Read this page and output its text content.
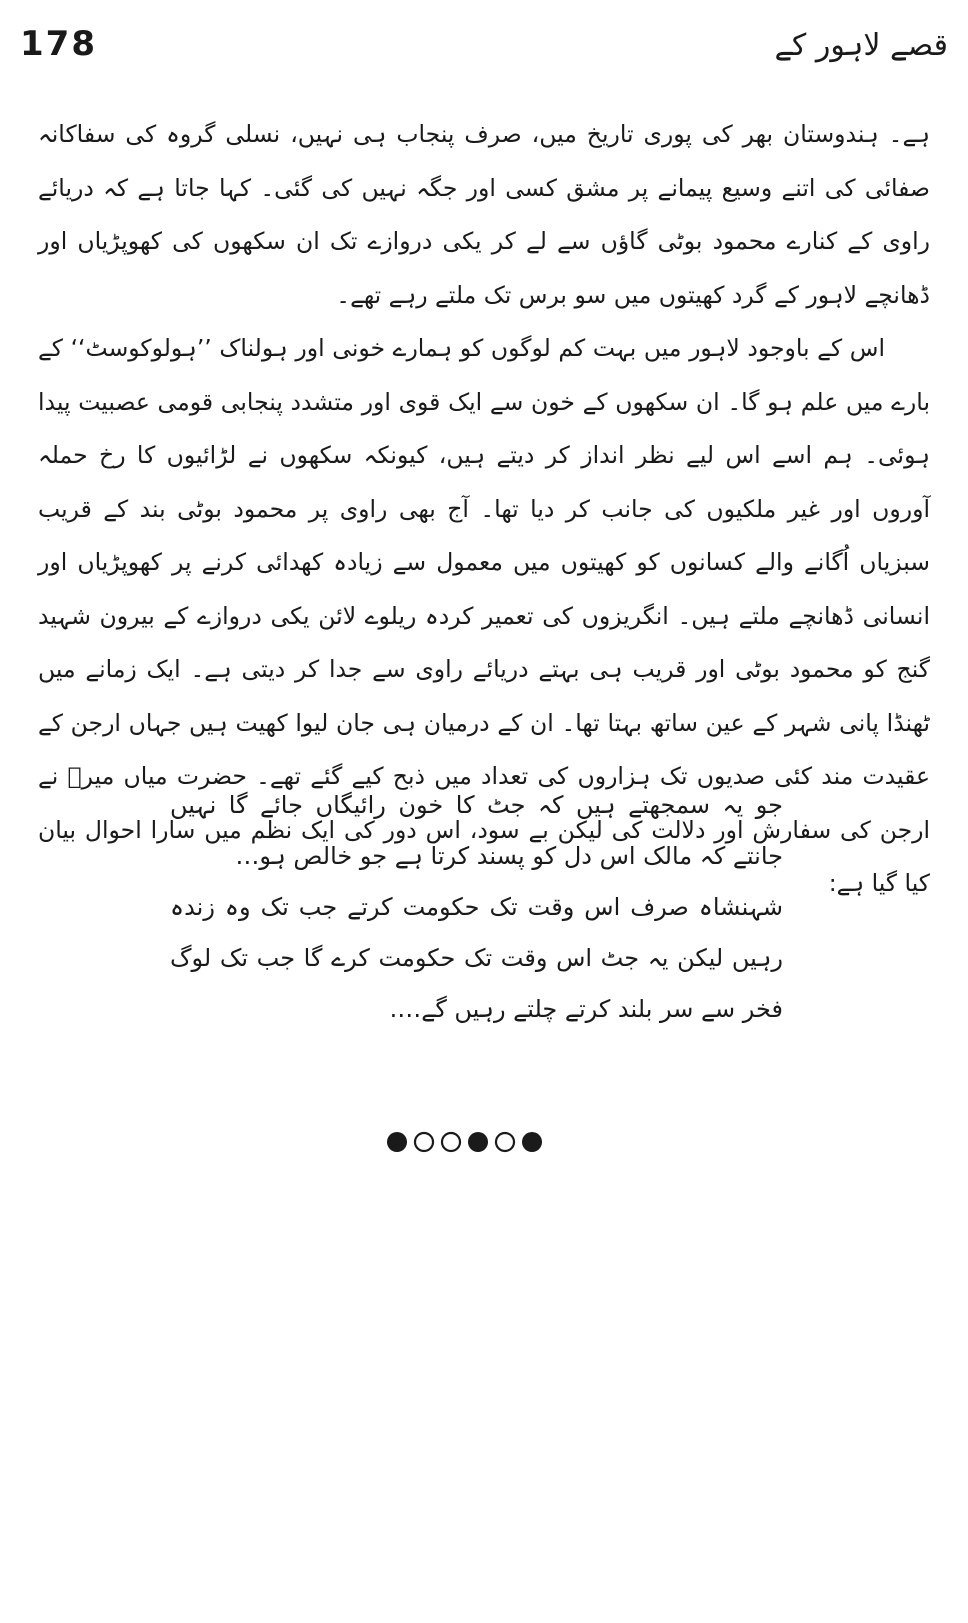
178	قصے لاہور کے

ہے۔ ہندوستان بھر کی پوری تاریخ میں، صرف پنجاب ہی نہیں، نسلی گروہ کی سفاکانہ صفائی کی اتنے وسیع پیمانے پر مشق کسی اور جگہ نہیں کی گئی۔ کہا جاتا ہے کہ دریائے راوی کے کنارے محمود بوٹی گاؤں سے لے کر یکی دروازے تک ان سکھوں کی کھوپڑیاں اور ڈھانچے لاہور کے گرد کھیتوں میں سو برس تک ملتے رہے تھے۔

اس کے باوجود لاہور میں بہت کم لوگوں کو ہمارے خونی اور ہولناک ’’ہولوکوسٹ‘‘ کے بارے میں علم ہو گا۔ ان سکھوں کے خون سے ایک قوی اور متشدد پنجابی قومی عصبیت پیدا ہوئی۔ ہم اسے اس لیے نظر انداز کر دیتے ہیں، کیونکہ سکھوں نے لڑائیوں کا رخ حملہ آوروں اور غیر ملکیوں کی جانب کر دیا تھا۔ آج بھی راوی پر محمود بوٹی بند کے قریب سبزیاں اُگانے والے کسانوں کو کھیتوں میں معمول سے زیادہ کھدائی کرنے پر کھوپڑیاں اور انسانی ڈھانچے ملتے ہیں۔ انگریزوں کی تعمیر کردہ ریلوے لائن یکی دروازے کے بیرون شہید گنج کو محمود بوٹی اور قریب ہی بہتے دریائے راوی سے جدا کر دیتی ہے۔ ایک زمانے میں ٹھنڈا پانی شہر کے عین ساتھ بہتا تھا۔ ان کے درمیان ہی جان لیوا کھیت ہیں جہاں ارجن کے عقیدت مند کئی صدیوں تک ہزاروں کی تعداد میں ذبح کیے گئے تھے۔ حضرت میاں میرؒ نے ارجن کی سفارش اور دلالت کی لیکن بے سود، اس دور کی ایک نظم میں سارا احوال بیان کیا گیا ہے:

جو یہ سمجھتے ہیں کہ جٹ کا خون رائیگاں جائے گا نہیں جانتے کہ مالک اس دل کو پسند کرتا ہے جو خالص ہو…

شہنشاہ صرف اس وقت تک حکومت کرتے جب تک وہ زندہ رہیں لیکن یہ جٹ اس وقت تک حکومت کرے گا جب تک لوگ فخر سے سر بلند کرتے چلتے رہیں گے….
